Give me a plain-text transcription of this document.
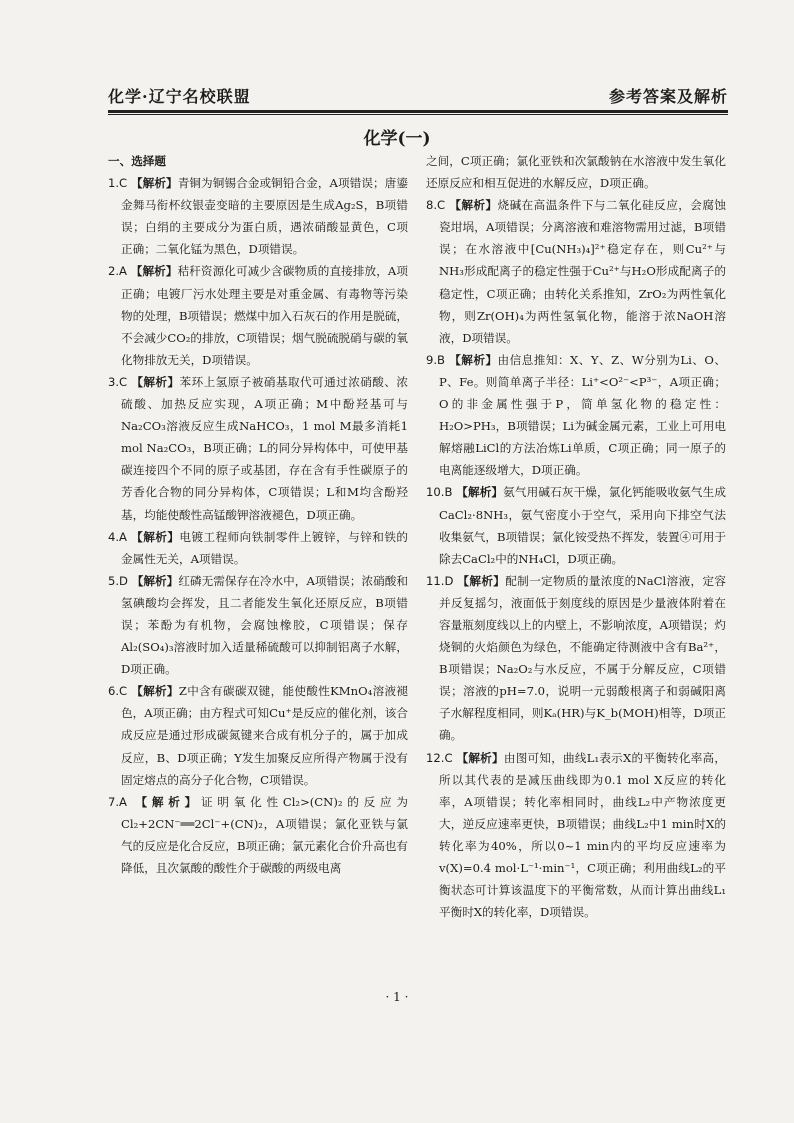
化学·辽宁名校联盟	参考答案及解析
化学(一)
一、选择题

1.C 【解析】青铜为铜锡合金或铜铅合金，A项错误；唐鎏金舞马衔杯纹银壶变暗的主要原因是生成Ag₂S，B项错误；白绢的主要成分为蛋白质，遇浓硝酸显黄色，C项正确；二氧化锰为黑色，D项错误。

2.A 【解析】秸秆资源化可减少含碳物质的直接排放，A项正确；电镀厂污水处理主要是对重金属、有毒物等污染物的处理，B项错误；燃煤中加入石灰石的作用是脱硫，不会减少CO₂的排放，C项错误；烟气脱硫脱硝与碳的氧化物排放无关，D项错误。

3.C 【解析】苯环上氢原子被硝基取代可通过浓硝酸、浓硫酸、加热反应实现，A项正确；M中酚羟基可与Na₂CO₃溶液反应生成NaHCO₃，1 mol M最多消耗1 mol Na₂CO₃，B项正确；L的同分异构体中，可使甲基碳连接四个不同的原子或基团，存在含有手性碳原子的芳香化合物的同分异构体，C项错误；L和M均含酚羟基，均能使酸性高锰酸钾溶液褪色，D项正确。

4.A 【解析】电镀工程师向铁制零件上镀锌，与锌和铁的金属性无关，A项错误。

5.D 【解析】红磷无需保存在冷水中，A项错误；浓硝酸和氢碘酸均会挥发，且二者能发生氧化还原反应，B项错误；苯酚为有机物，会腐蚀橡胶，C项错误；保存Al₂(SO₄)₃溶液时加入适量稀硫酸可以抑制铝离子水解，D项正确。

6.C 【解析】Z中含有碳碳双键，能使酸性KMnO₄溶液褪色，A项正确；由方程式可知Cu⁺是反应的催化剂，该合成反应是通过形成碳氮键来合成有机分子的，属于加成反应，B、D项正确；Y发生加聚反应所得产物属于没有固定熔点的高分子化合物，C项错误。

7.A 【解析】证明氧化性Cl₂>(CN)₂的反应为Cl₂+2CN⁻══2Cl⁻+(CN)₂，A项错误；氯化亚铁与氯气的反应是化合反应，B项正确；氯元素化合价升高也有降低，且次氯酸的酸性介于碳酸的两级电离

之间，C项正确；氯化亚铁和次氯酸钠在水溶液中发生氧化还原反应和相互促进的水解反应，D项正确。

8.C 【解析】烧碱在高温条件下与二氧化硅反应，会腐蚀瓷坩埚，A项错误；分离溶液和难溶物需用过滤，B项错误；在水溶液中[Cu(NH₃)₄]²⁺稳定存在，则Cu²⁺与NH₃形成配离子的稳定性强于Cu²⁺与H₂O形成配离子的稳定性，C项正确；由转化关系推知，ZrO₂为两性氧化物，则Zr(OH)₄为两性氢氧化物，能溶于浓NaOH溶液，D项错误。

9.B 【解析】由信息推知：X、Y、Z、W分别为Li、O、P、Fe。则简单离子半径：Li⁺<O²⁻<P³⁻，A项正确；O的非金属性强于P，简单氢化物的稳定性：H₂O>PH₃，B项错误；Li为碱金属元素，工业上可用电解熔融LiCl的方法冶炼Li单质，C项正确；同一原子的电离能逐级增大，D项正确。

10.B 【解析】氨气用碱石灰干燥，氯化钙能吸收氨气生成CaCl₂·8NH₃，氨气密度小于空气，采用向下排空气法收集氨气，B项错误；氯化铵受热不挥发，装置④可用于除去CaCl₂中的NH₄Cl，D项正确。

11.D 【解析】配制一定物质的量浓度的NaCl溶液，定容并反复摇匀，液面低于刻度线的原因是少量液体附着在容量瓶刻度线以上的内壁上，不影响浓度，A项错误；灼烧铜的火焰颜色为绿色，不能确定待测液中含有Ba²⁺，B项错误；Na₂O₂与水反应，不属于分解反应，C项错误；溶液的pH=7.0，说明一元弱酸根离子和弱碱阳离子水解程度相同，则Kₐ(HR)与K_b(MOH)相等，D项正确。

12.C 【解析】由图可知，曲线L₁表示X的平衡转化率高，所以其代表的是减压曲线即为0.1 mol X反应的转化率，A项错误；转化率相同时，曲线L₂中产物浓度更大，逆反应速率更快，B项错误；曲线L₂中1 min时X的转化率为40%，所以0~1 min内的平均反应速率为v(X)=0.4 mol·L⁻¹·min⁻¹，C项正确；利用曲线L₂的平衡状态可计算该温度下的平衡常数，从而计算出曲线L₁平衡时X的转化率，D项错误。

· 1 ·
